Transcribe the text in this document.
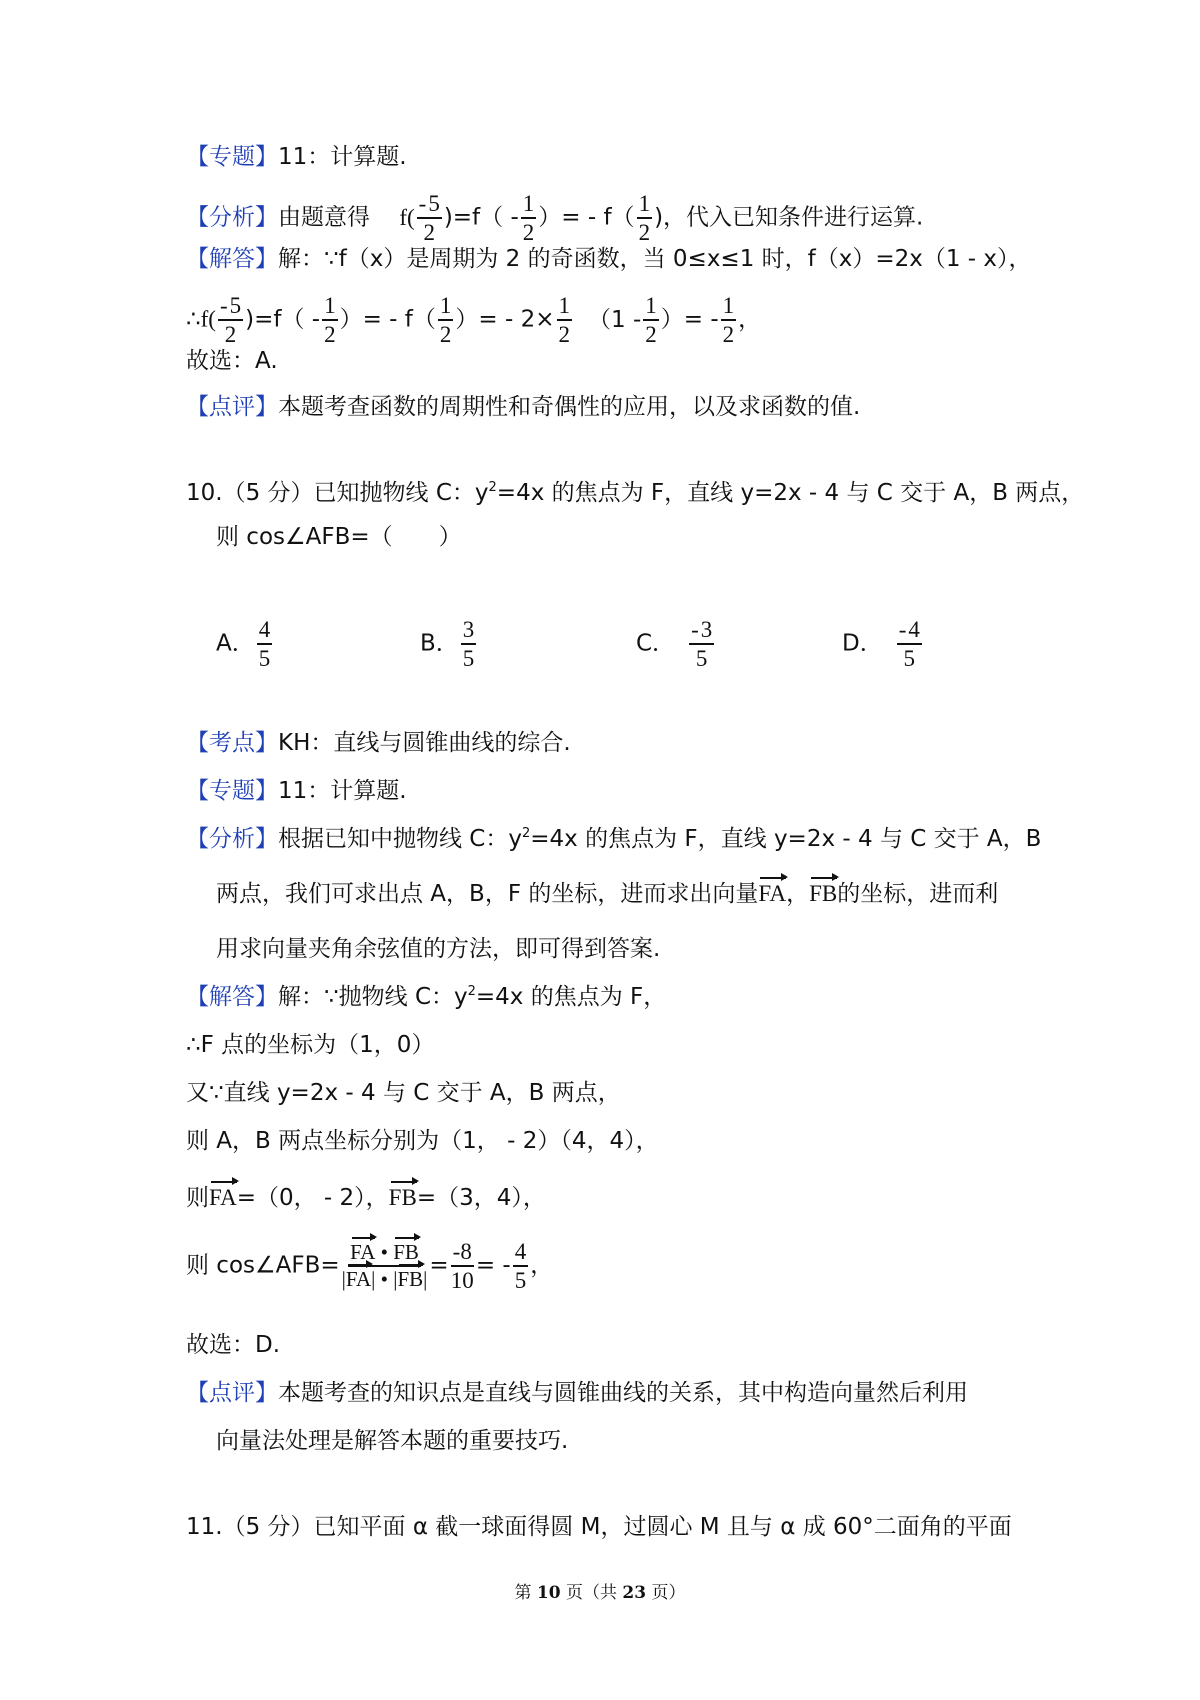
【专题】11：计算题.
【分析】由题意得 f(
- $\frac{5}{2} )=f( - \frac{1}{2}$ ）= - $f( \frac{1}{2}$ )，代入已知条件进行运算.
【解答】解：∵f（x）是周期为 2 的奇函数，当 0≤x≤1 时，f（x）=2x（1 - x），
∴f(
- $\frac{5}{2} )=f( - \frac{1}{2}$ ）= - $f( \frac{1}{2}$ ）= - $2\times \frac{1}{2} (1 - \frac{1}{2}$ ）= - $\frac{1}{2}$ ，
故选：A.
【点评】本题考查函数的周期性和奇偶性的应用，以及求函数的值.
10.（5 分）已知抛物线 C：$y^2=4x$ 的焦点为 F，直线 y=2x - 4 与 C 交于 A，B 两点，
则 cos∠AFB=（　　）
A． $\frac{4}{5}$	B． $\frac{3}{5}$	C．
- $\frac{3}{5}$	D．
- $\frac{4}{5}$
【考点】KH：直线与圆锥曲线的综合.
【专题】11：计算题.
【分析】根据已知中抛物线 C：$y^2=4x$ 的焦点为 F，直线 y=2x - 4 与 C 交于 A，B
两点，我们可求出点 A，B，F 的坐标，进而求出向量FA，FB的坐标，进而利
用求向量夹角余弦值的方法，即可得到答案.
【解答】解：∵抛物线 C：$y^2=4x$ 的焦点为 F，
∴F 点的坐标为（1，0）
又∵直线 y=2x - 4 与 C 交于 A，B 两点，
则 A，B 两点坐标分别为（1， - 2）（4，4），
则FA=（0， - 2），FB=（3，4），
则 cos∠AFB= $\frac{FA • FB}{|FA| • |FB|} = \frac{-8}{10}$ = - $\frac{4}{5}$ ，
故选：D.
【点评】本题考查的知识点是直线与圆锥曲线的关系，其中构造向量然后利用
向量法处理是解答本题的重要技巧.
11.（5 分）已知平面 α 截一球面得圆 M，过圆心 M 且与 α 成 60°二面角的平面
第 10 页（共 23 页）
